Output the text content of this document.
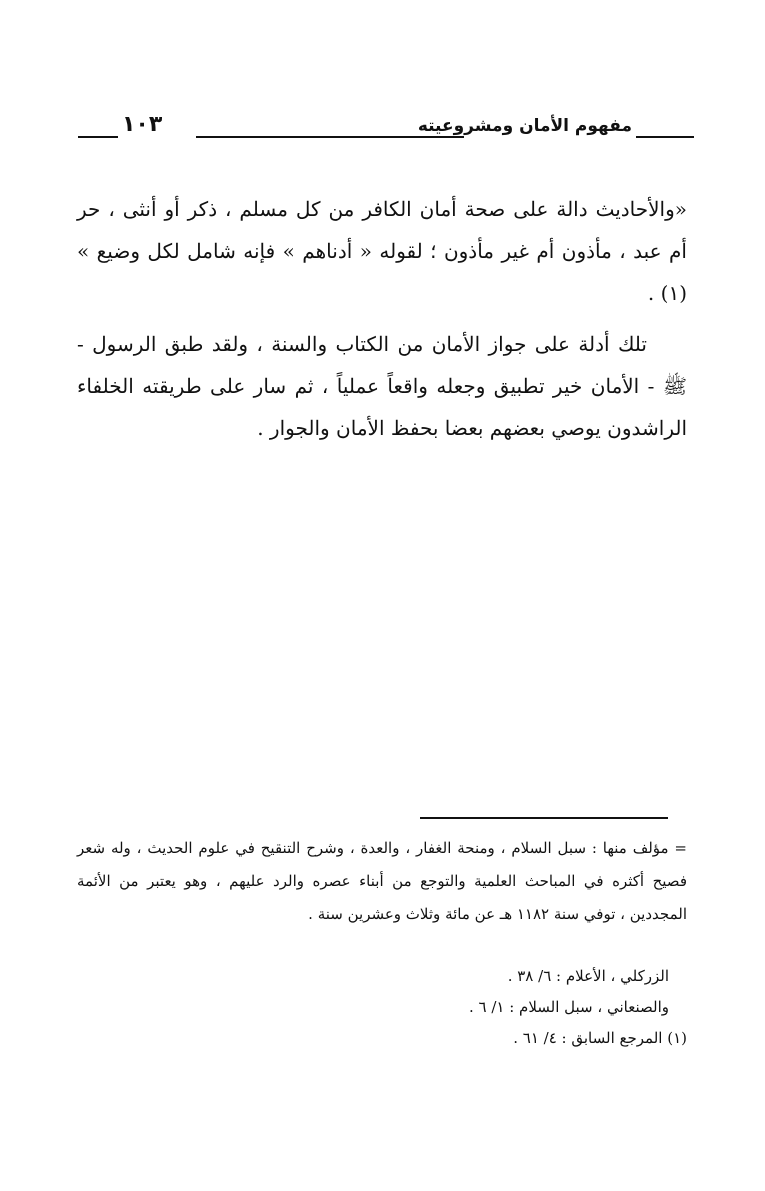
مفهوم الأمان ومشروعيته
١٠٣
«والأحاديث دالة على صحة أمان الكافر من كل مسلم ، ذكر أو أنثى ، حر أم عبد ، مأذون أم غير مأذون ؛ لقوله « أدناهم » فإنه شامل لكل وضيع » (١) .
تلك أدلة على جواز الأمان من الكتاب والسنة ، ولقد طبق الرسول - ﷺ - الأمان خير تطبيق وجعله واقعاً عملياً ، ثم سار على طريقته الخلفاء الراشدون يوصي بعضهم بعضا بحفظ الأمان والجوار .
= مؤلف منها : سبل السلام ، ومنحة الغفار ، والعدة ، وشرح التنقيح في علوم الحديث ، وله شعر فصيح أكثره في المباحث العلمية والتوجع من أبناء عصره والرد عليهم ، وهو يعتبر من الأئمة المجددين ، توفي سنة ١١٨٢ هـ عن مائة وثلاث وعشرين سنة .
الزركلي ، الأعلام : ٦/ ٣٨ .
والصنعاني ، سبل السلام : ١/ ٦ .
(١) المرجع السابق : ٤/ ٦١ .
